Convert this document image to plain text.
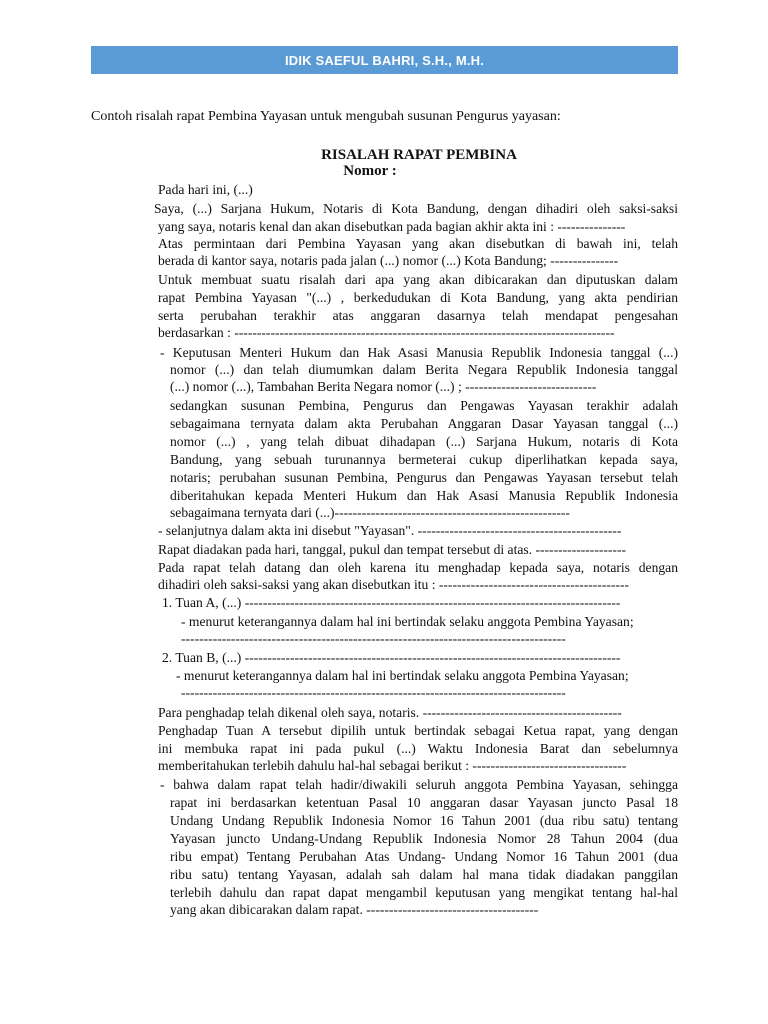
IDIK SAEFUL BAHRI, S.H., M.H.
Contoh risalah rapat Pembina Yayasan untuk mengubah susunan Pengurus yayasan:
RISALAH RAPAT PEMBINA
Nomor :
Pada hari ini, (...)
Saya, (...) Sarjana Hukum, Notaris di Kota Bandung, dengan dihadiri oleh saksi-saksi
yang saya, notaris kenal dan akan disebutkan pada bagian akhir akta ini : ---------------
Atas permintaan dari Pembina Yayasan yang akan disebutkan di bawah ini, telah
berada di kantor saya, notaris pada jalan (...) nomor (...) Kota Bandung; ---------------
Untuk membuat suatu risalah dari apa yang akan dibicarakan dan diputuskan dalam
rapat Pembina Yayasan "(...) , berkedudukan di Kota Bandung, yang akta pendirian
serta perubahan terakhir atas anggaran dasarnya telah mendapat pengesahan
berdasarkan : ------------------------------------------------------------------------------------
- Keputusan Menteri Hukum dan Hak Asasi Manusia Republik Indonesia tanggal (...)
nomor (...) dan telah diumumkan dalam Berita Negara Republik Indonesia tanggal
(...) nomor (...), Tambahan Berita Negara nomor (...) ; -----------------------------
sedangkan susunan Pembina, Pengurus dan Pengawas Yayasan terakhir adalah
sebagaimana ternyata dalam akta Perubahan Anggaran Dasar Yayasan tanggal (...)
nomor (...) , yang telah dibuat dihadapan (...) Sarjana Hukum, notaris di Kota
Bandung, yang sebuah turunannya bermeterai cukup diperlihatkan kepada saya,
notaris; perubahan susunan Pembina, Pengurus dan Pengawas Yayasan tersebut telah
diberitahukan kepada Menteri Hukum dan Hak Asasi Manusia Republik Indonesia
sebagaimana ternyata dari (...)----------------------------------------------------
- selanjutnya dalam akta ini disebut "Yayasan". ---------------------------------------------
Rapat diadakan pada hari, tanggal, pukul dan tempat tersebut di atas. --------------------
Pada rapat telah datang dan oleh karena itu menghadap kepada saya, notaris dengan
dihadiri oleh saksi-saksi yang akan disebutkan itu : ------------------------------------------
1. Tuan A, (...) -----------------------------------------------------------------------------------
- menurut keterangannya dalam hal ini bertindak selaku anggota Pembina Yayasan;
-------------------------------------------------------------------------------------
2. Tuan B, (...) -----------------------------------------------------------------------------------
- menurut keterangannya dalam hal ini bertindak selaku anggota Pembina Yayasan;
-------------------------------------------------------------------------------------
Para penghadap telah dikenal oleh saya, notaris. --------------------------------------------
Penghadap Tuan A tersebut dipilih untuk bertindak sebagai Ketua rapat, yang dengan
ini membuka rapat ini pada pukul (...) Waktu Indonesia Barat dan sebelumnya
memberitahukan terlebih dahulu hal-hal sebagai berikut : ----------------------------------
- bahwa dalam rapat telah hadir/diwakili seluruh anggota Pembina Yayasan, sehingga
rapat ini berdasarkan ketentuan Pasal 10 anggaran dasar Yayasan juncto Pasal 18
Undang Undang Republik Indonesia Nomor 16 Tahun 2001 (dua ribu satu) tentang
Yayasan juncto Undang-Undang Republik Indonesia Nomor 28 Tahun 2004 (dua
ribu empat) Tentang Perubahan Atas Undang- Undang Nomor 16 Tahun 2001 (dua
ribu satu) tentang Yayasan, adalah sah dalam hal mana tidak diadakan panggilan
terlebih dahulu dan rapat dapat mengambil keputusan yang mengikat tentang hal-hal
yang akan dibicarakan dalam rapat. --------------------------------------
